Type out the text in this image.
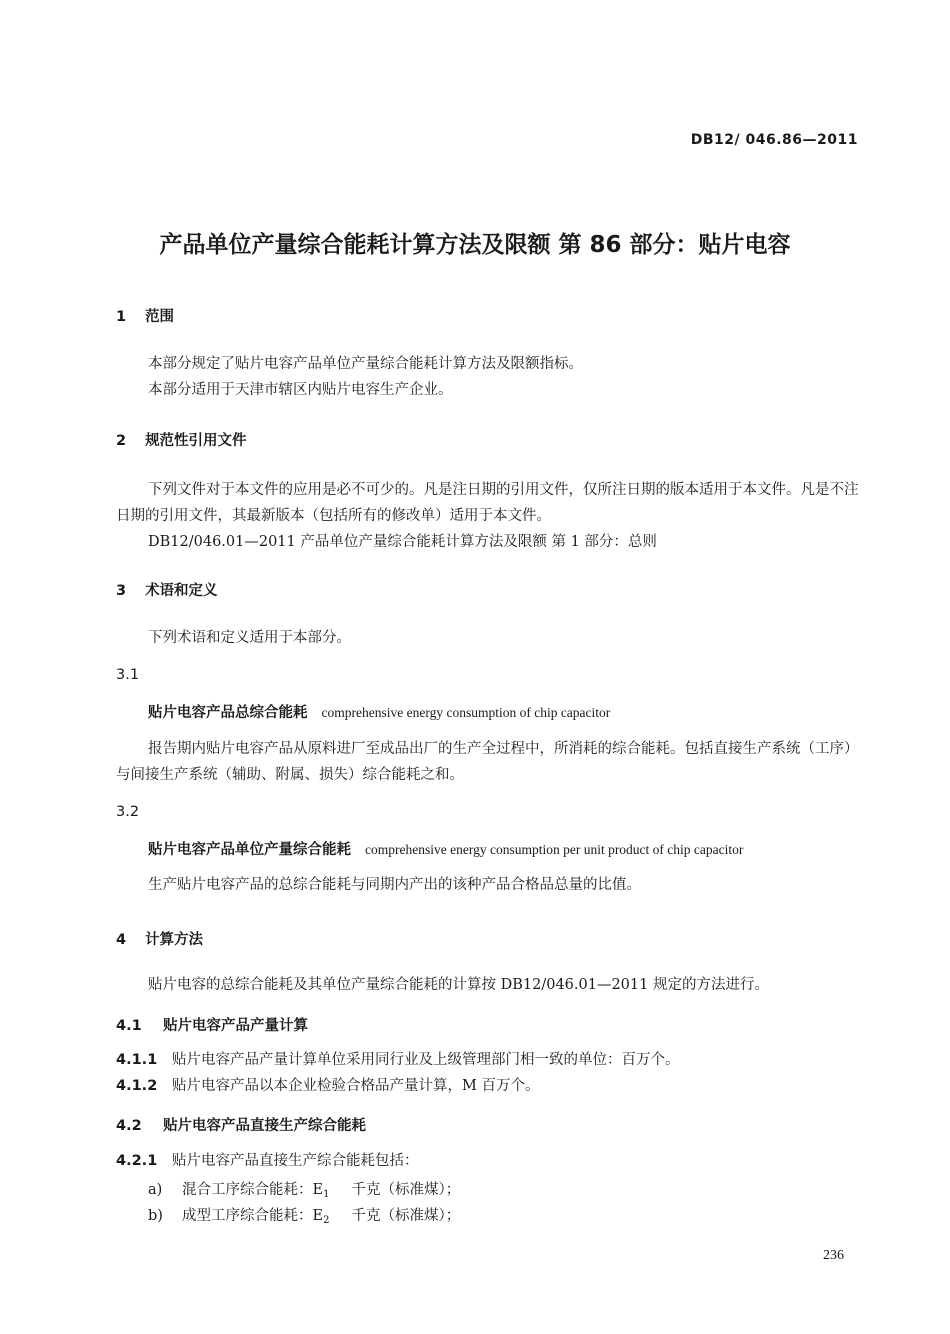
DB12/ 046.86—2011
产品单位产量综合能耗计算方法及限额 第 86 部分：贴片电容
1 范围
本部分规定了贴片电容产品单位产量综合能耗计算方法及限额指标。
本部分适用于天津市辖区内贴片电容生产企业。
2 规范性引用文件
下列文件对于本文件的应用是必不可少的。凡是注日期的引用文件，仅所注日期的版本适用于本文件。凡是不注日期的引用文件，其最新版本（包括所有的修改单）适用于本文件。
DB12/046.01—2011 产品单位产量综合能耗计算方法及限额 第 1 部分：总则
3 术语和定义
下列术语和定义适用于本部分。
3.1
贴片电容产品总综合能耗 comprehensive energy consumption of chip capacitor
报告期内贴片电容产品从原料进厂至成品出厂的生产全过程中，所消耗的综合能耗。包括直接生产系统（工序）与间接生产系统（辅助、附属、损失）综合能耗之和。
3.2
贴片电容产品单位产量综合能耗 comprehensive energy consumption per unit product of chip capacitor
生产贴片电容产品的总综合能耗与同期内产出的该种产品合格品总量的比值。
4 计算方法
贴片电容的总综合能耗及其单位产量综合能耗的计算按 DB12/046.01—2011 规定的方法进行。
4.1 贴片电容产品产量计算
4.1.1 贴片电容产品产量计算单位采用同行业及上级管理部门相一致的单位：百万个。
4.1.2 贴片电容产品以本企业检验合格品产量计算，M 百万个。
4.2 贴片电容产品直接生产综合能耗
4.2.1 贴片电容产品直接生产综合能耗包括：
a) 混合工序综合能耗：$E_1$ 千克（标准煤）；
b) 成型工序综合能耗：$E_2$ 千克（标准煤）；
236
